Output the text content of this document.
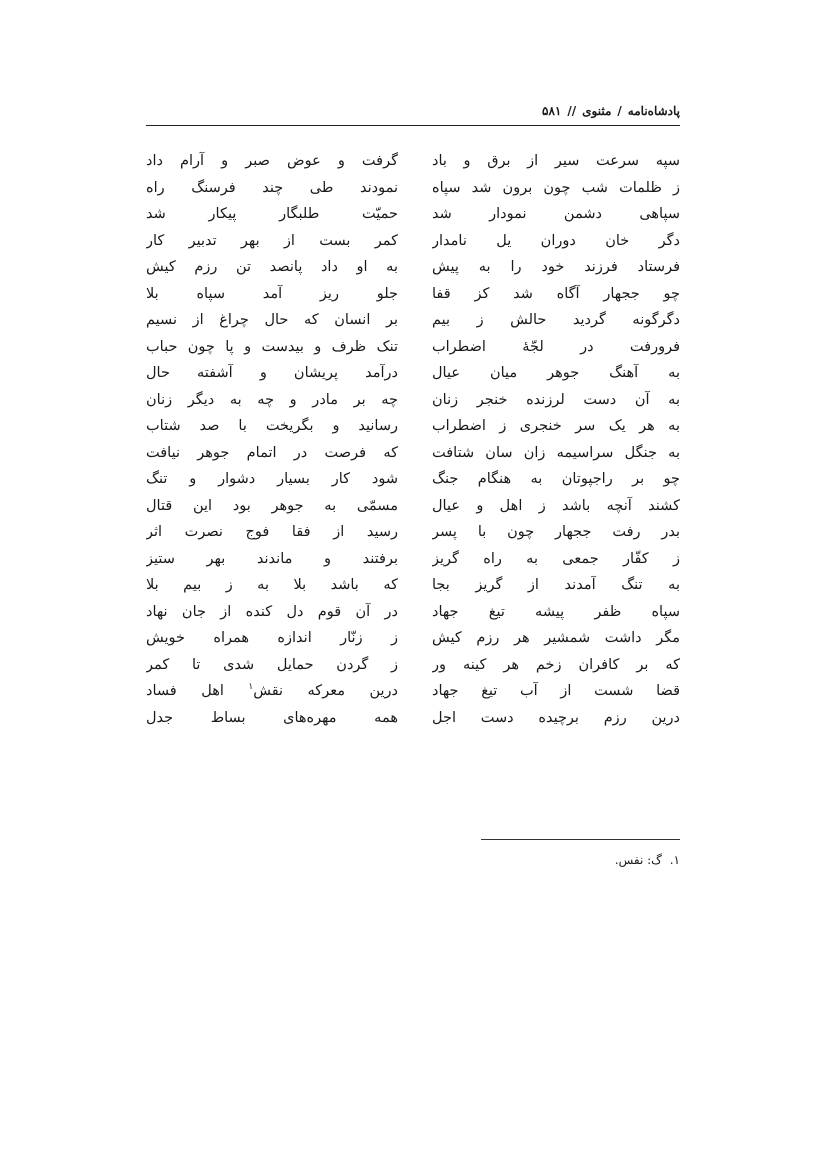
پادشاه‌نامه
/
مثنوی
//
۵۸۱
سپه سرعت سیر از برق و باد
گرفت و عوض صبر و آرام داد
ز ظلمات شب چون برون شد سپاه
نمودند طی چند فرسنگ راه
سپاهی دشمن نمودار شد
حمیّت طلبگار پیکار شد
دگر خان دوران یل نامدار
کمر بست از بهر تدبیر کار
فرستاد فرزند خود را به پیش
به او داد پانصد تن رزم کیش
چو ججهار آگاه شد کز قفا
جلو ریز آمد سپاه بلا
دگرگونه گردید حالش ز بیم
بر انسان که حال چراغ از نسیم
فرورفت در لجّهٔ اضطراب
تنک ظرف و بیدست و پا چون حباب
به آهنگ جوهر میان عیال
درآمد پریشان و آشفته حال
به آن دست لرزنده خنجر زنان
چه بر مادر و چه به دیگر زنان
به هر یک سر خنجری ز اضطراب
رسانید و بگریخت با صد شتاب
به جنگل سراسیمه زان سان شتافت
که فرصت در اتمام جوهر نیافت
چو بر راجپوتان به هنگام جنگ
شود کار بسیار دشوار و تنگ
کشند آنچه باشد ز اهل و عیال
مسمّی به جوهر بود این قتال
بدر رفت ججهار چون با پسر
رسید از فقا فوج نصرت اثر
ز کفّار جمعی به راه گریز
برفتند و ماندند بهر ستیز
به تنگ آمدند از گریز بجا
که باشد بلا به ز بیم بلا
سپاه ظفر پیشه تیغ جهاد
در آن قوم دل کنده از جان نهاد
مگر داشت شمشیر هر رزم کیش
ز زنّار اندازه همراه خویش
که بر کافران زخم هر کینه ور
ز گردن حمایل شدی تا کمر
قضا شست از آب تیغ جهاد
درین معرکه نقش$^۱$ اهل فساد
درین رزم برچیده دست اجل
همه مهره‌های بساط جدل
۱. گ: نفس.
